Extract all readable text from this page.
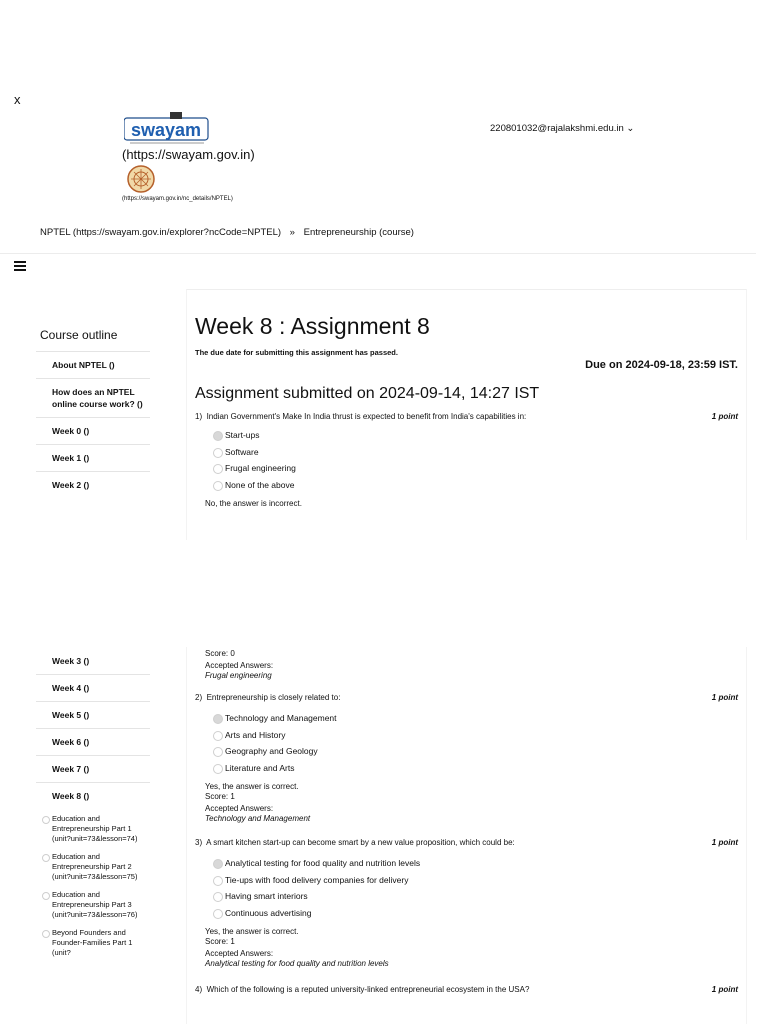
x
swayam
(https://swayam.gov.in)
(https://swayam.gov.in/nc_details/NPTEL)
220801032@rajalakshmi.edu.in ⌄
NPTEL (https://swayam.gov.in/explorer?ncCode=NPTEL) » Entrepreneurship (course)
Course outline
About NPTEL ()
How does an NPTEL online course work? ()
Week 0 ()
Week 1 ()
Week 2 ()
Week 3 ()
Week 4 ()
Week 5 ()
Week 6 ()
Week 7 ()
Week 8 ()
Education and Entrepreneurship Part 1 (unit?unit=73&lesson=74)
Education and Entrepreneurship Part 2 (unit?unit=73&lesson=75)
Education and Entrepreneurship Part 3 (unit?unit=73&lesson=76)
Beyond Founders and Founder-Families Part 1 (unit?
Week 8 : Assignment 8
The due date for submitting this assignment has passed.
Due on 2024-09-18, 23:59 IST.
Assignment submitted on 2024-09-14, 14:27 IST
1) Indian Government's Make In India thrust is expected to benefit from India's capabilities in:	1 point
Start-ups
Software
Frugal engineering
None of the above
No, the answer is incorrect.
Score: 0
Accepted Answers:
Frugal engineering
2) Entrepreneurship is closely related to:	1 point
Technology and Management
Arts and History
Geography and Geology
Literature and Arts
Yes, the answer is correct.
Score: 1
Accepted Answers:
Technology and Management
3) A smart kitchen start-up can become smart by a new value proposition, which could be:	1 point
Analytical testing for food quality and nutrition levels
Tie-ups with food delivery companies for delivery
Having smart interiors
Continuous advertising
Yes, the answer is correct.
Score: 1
Accepted Answers:
Analytical testing for food quality and nutrition levels
4) Which of the following is a reputed university-linked entrepreneurial ecosystem in the USA?	1 point
